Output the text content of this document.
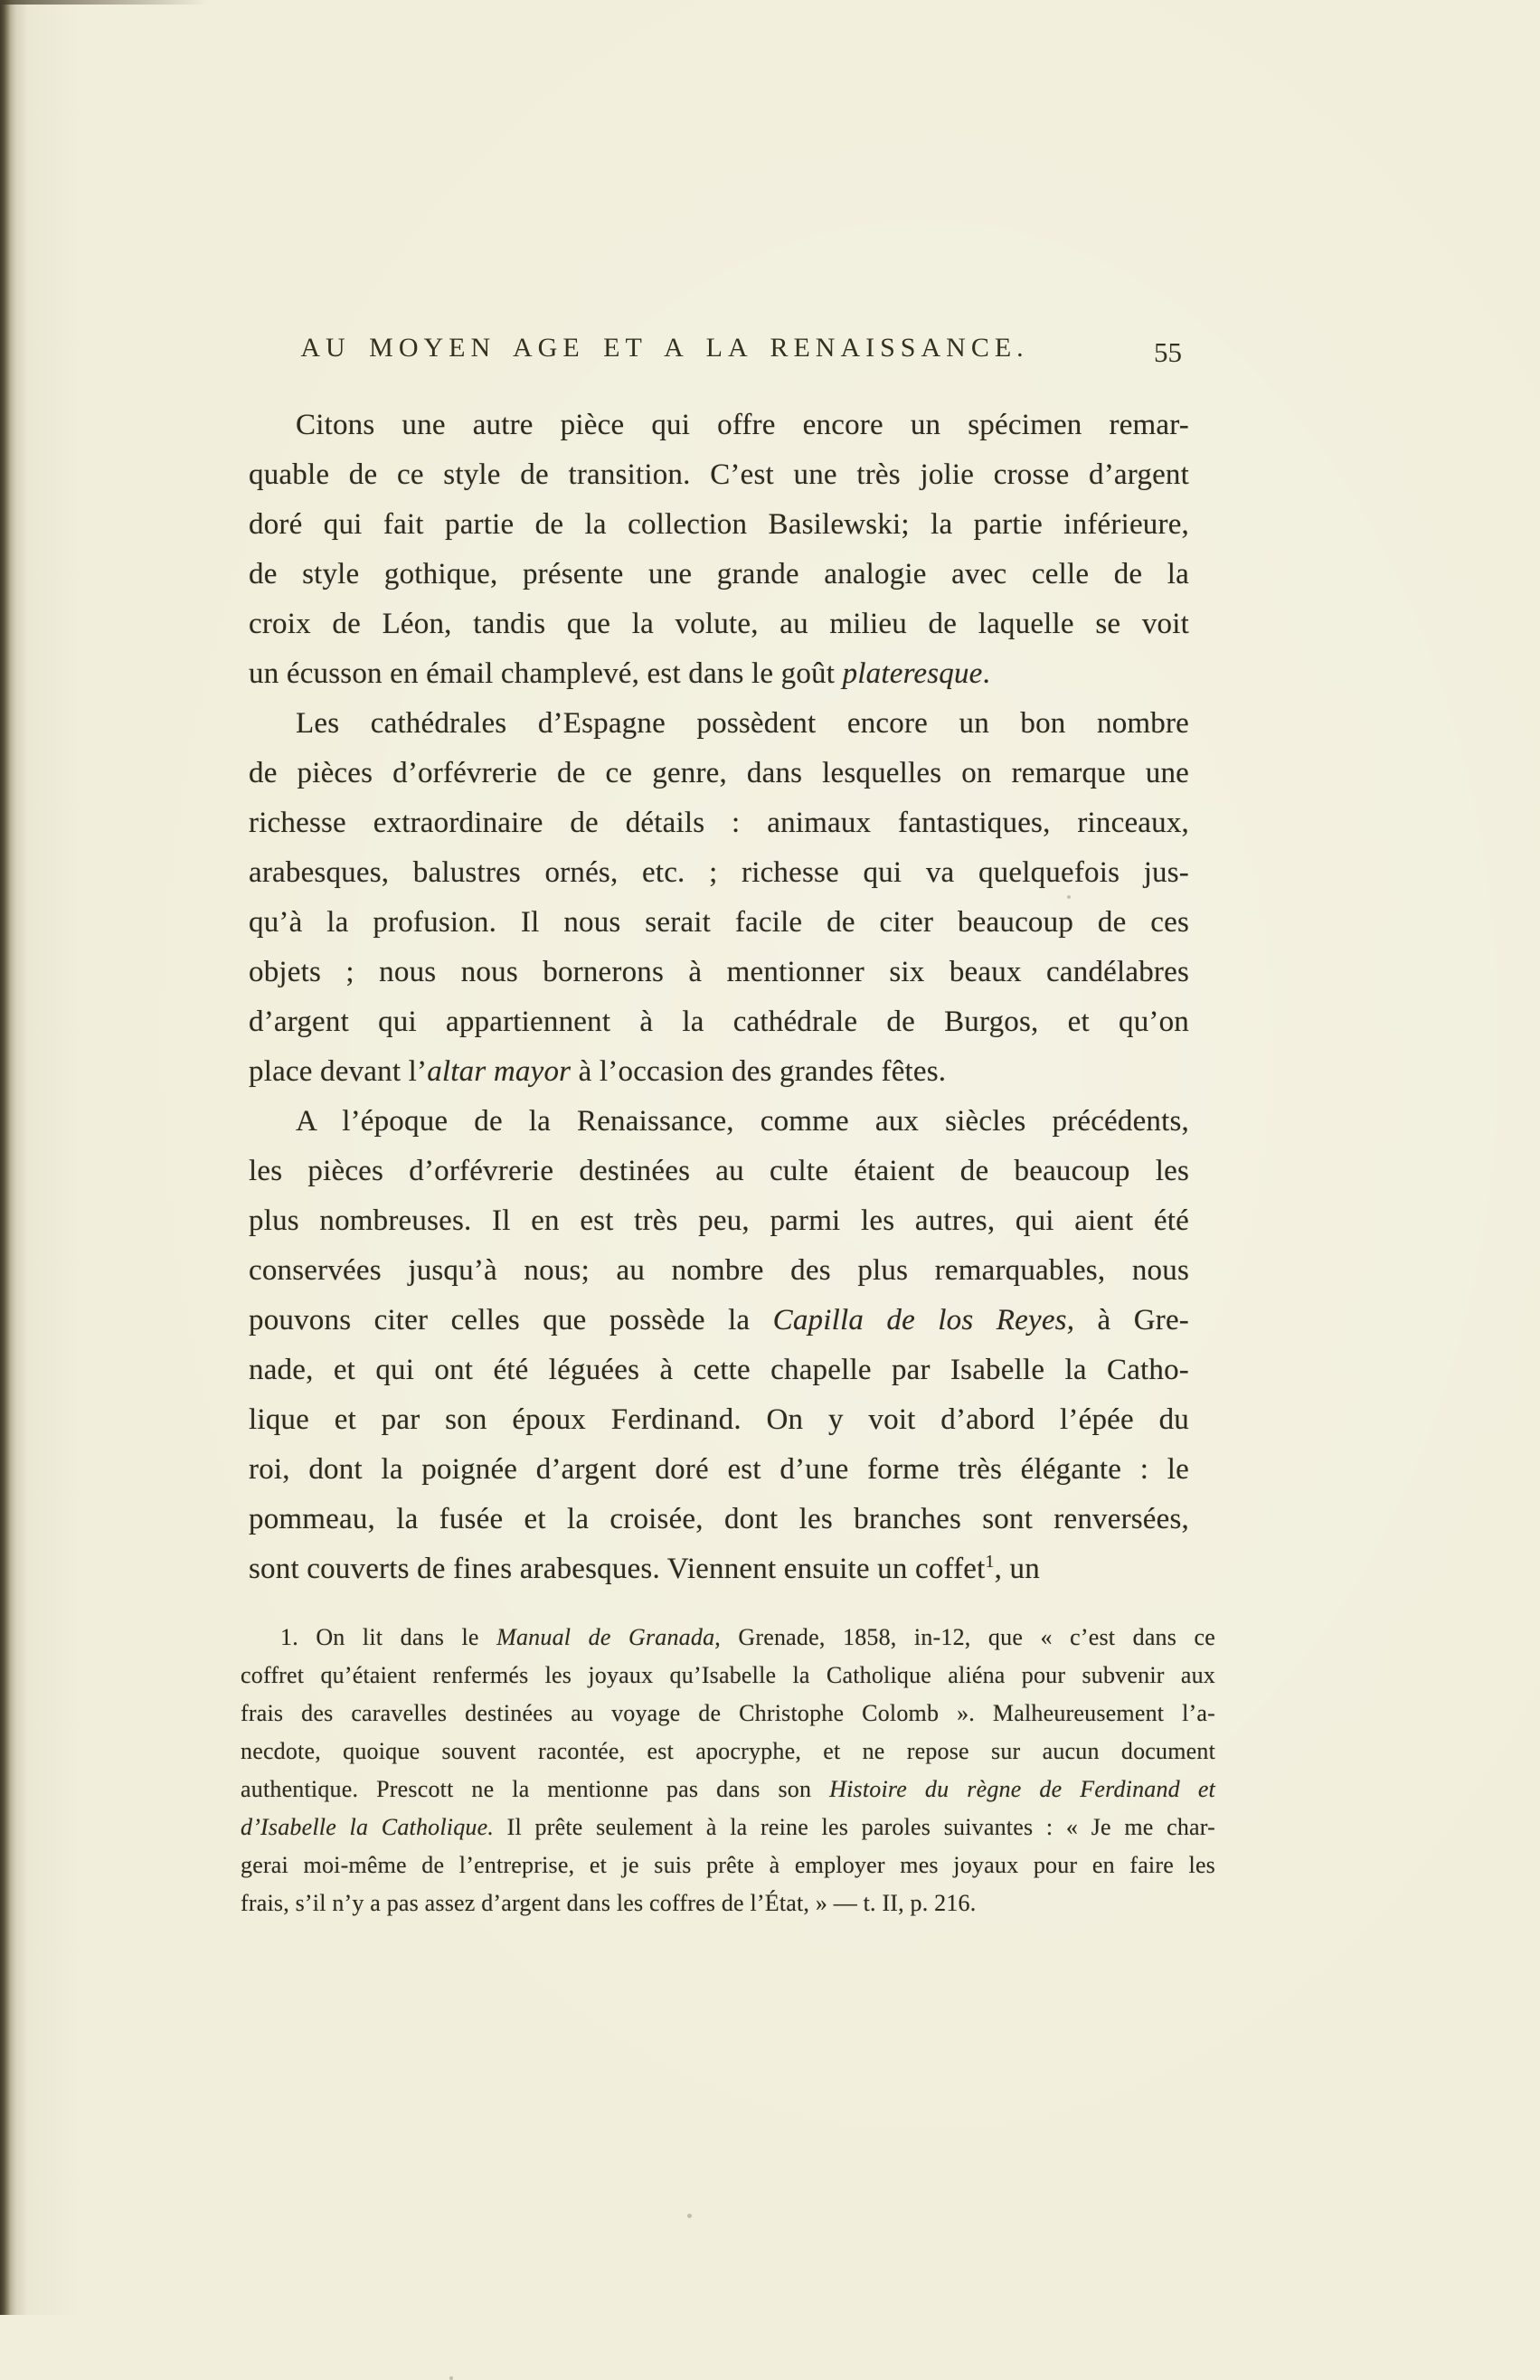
AU MOYEN AGE ET A LA RENAISSANCE.	55
Citons une autre pièce qui offre encore un spécimen remar-
quable de ce style de transition. C’est une très jolie crosse d’argent
doré qui fait partie de la collection Basilewski; la partie inférieure,
de style gothique, présente une grande analogie avec celle de la
croix de Léon, tandis que la volute, au milieu de laquelle se voit
un écusson en émail champlevé, est dans le goût plateresque.
Les cathédrales d’Espagne possèdent encore un bon nombre
de pièces d’orfévrerie de ce genre, dans lesquelles on remarque une
richesse extraordinaire de détails : animaux fantastiques, rinceaux,
arabesques, balustres ornés, etc. ; richesse qui va quelquefois jus-
qu’à la profusion. Il nous serait facile de citer beaucoup de ces
objets ; nous nous bornerons à mentionner six beaux candélabres
d’argent qui appartiennent à la cathédrale de Burgos, et qu’on
place devant l’altar mayor à l’occasion des grandes fêtes.
A l’époque de la Renaissance, comme aux siècles précédents,
les pièces d’orfévrerie destinées au culte étaient de beaucoup les
plus nombreuses. Il en est très peu, parmi les autres, qui aient été
conservées jusqu’à nous; au nombre des plus remarquables, nous
pouvons citer celles que possède la Capilla de los Reyes, à Gre-
nade, et qui ont été léguées à cette chapelle par Isabelle la Catho-
lique et par son époux Ferdinand. On y voit d’abord l’épée du
roi, dont la poignée d’argent doré est d’une forme très élégante : le
pommeau, la fusée et la croisée, dont les branches sont renversées,
sont couverts de fines arabesques. Viennent ensuite un coffet$^1$, un
1. On lit dans le Manual de Granada, Grenade, 1858, in-12, que « c’est dans ce
coffret qu’étaient renfermés les joyaux qu’Isabelle la Catholique aliéna pour subvenir aux
frais des caravelles destinées au voyage de Christophe Colomb ». Malheureusement l’a-
necdote, quoique souvent racontée, est apocryphe, et ne repose sur aucun document
authentique. Prescott ne la mentionne pas dans son Histoire du règne de Ferdinand et
d’Isabelle la Catholique. Il prête seulement à la reine les paroles suivantes : « Je me char-
gerai moi-même de l’entreprise, et je suis prête à employer mes joyaux pour en faire les
frais, s’il n’y a pas assez d’argent dans les coffres de l’État, » — t. II, p. 216.
